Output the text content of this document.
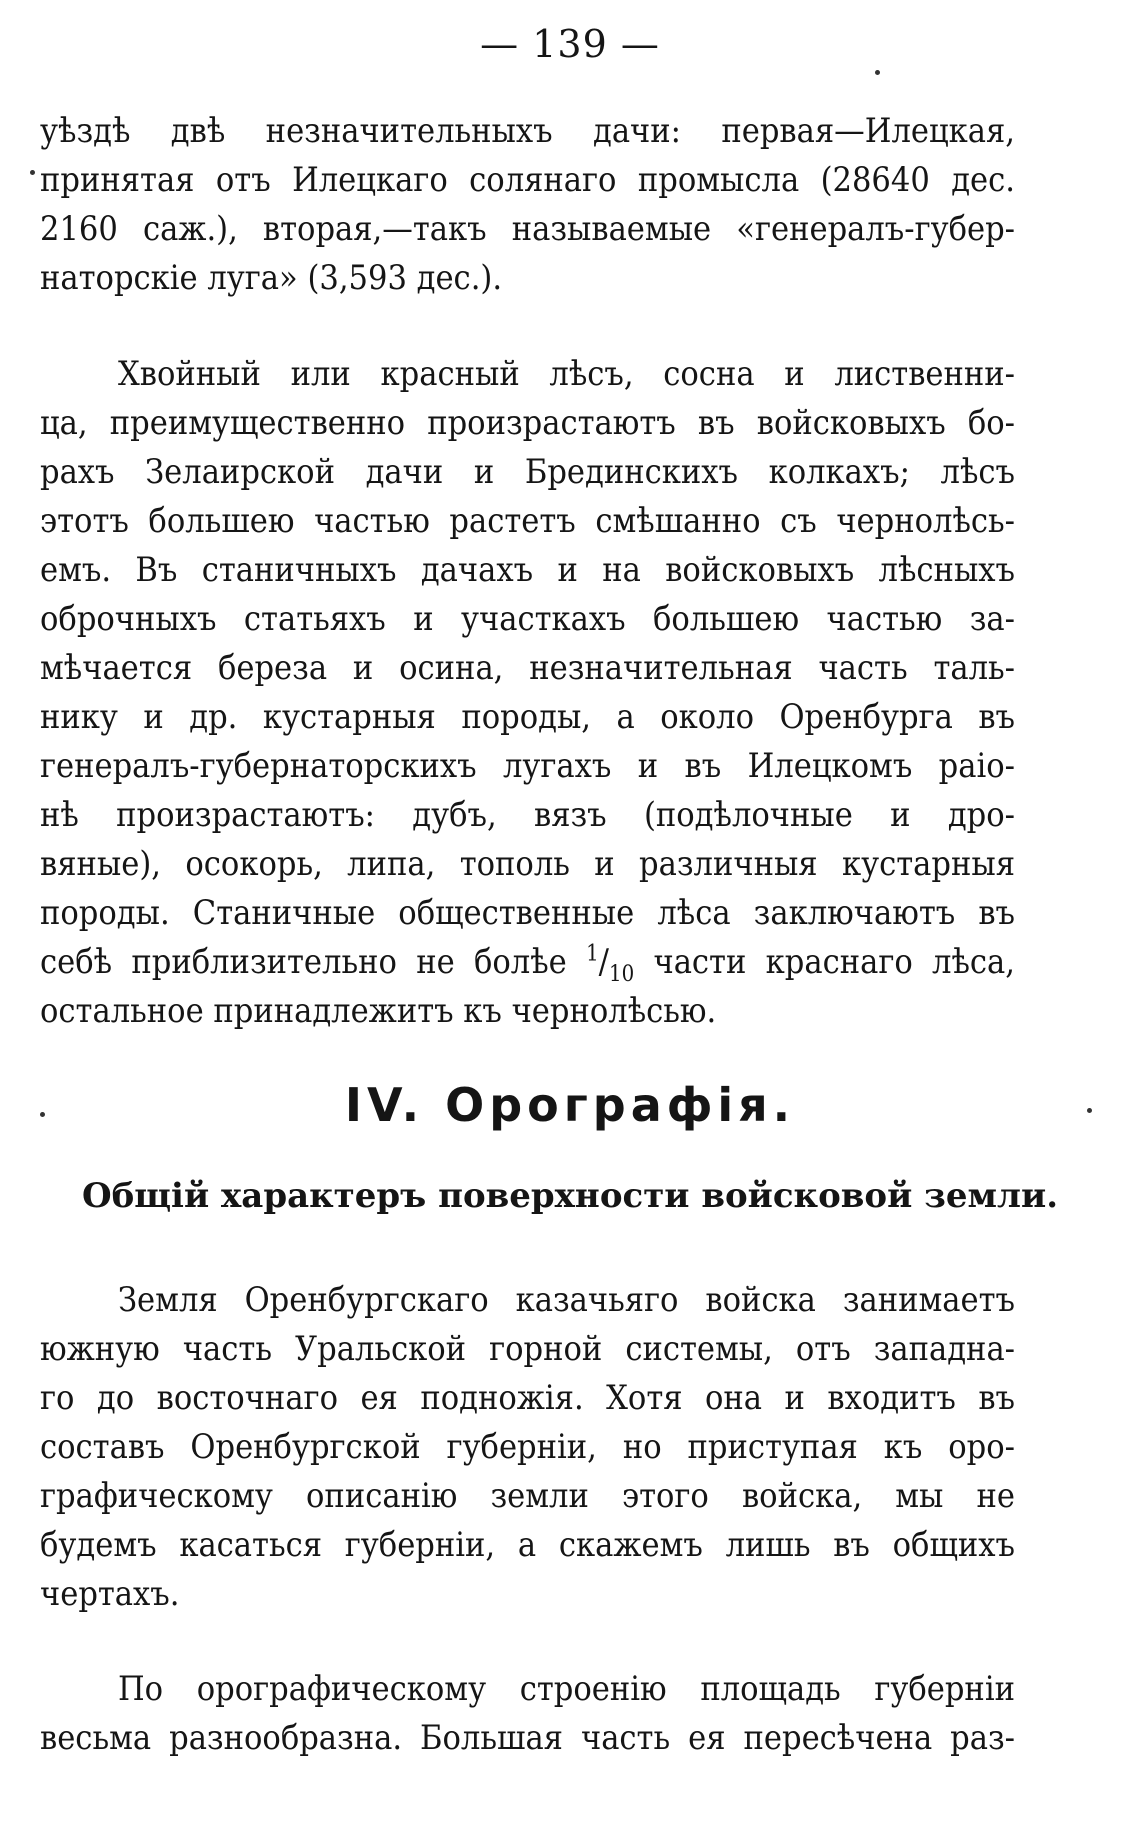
— 139 —
уѣздѣ двѣ незначительныхъ дачи: первая—Илецкая,
принятая отъ Илецкаго солянаго промысла (28640 дес.
2160 саж.), вторая,—такъ называемые «генералъ-губер-
наторскіе луга» (3,593 дес.).
Хвойный или красный лѣсъ, сосна и лиственни-
ца, преимущественно произрастаютъ въ войсковыхъ бо-
рахъ Зелаирской дачи и Брединскихъ колкахъ; лѣсъ
этотъ большею частью растетъ смѣшанно съ чернолѣсь-
емъ. Въ станичныхъ дачахъ и на войсковыхъ лѣсныхъ
оброчныхъ статьяхъ и участкахъ большею частью за-
мѣчается береза и осина, незначительная часть таль-
нику и др. кустарныя породы, а около Оренбурга въ
генералъ-губернаторскихъ лугахъ и въ Илецкомъ раіо-
нѣ произрастаютъ: дубъ, вязъ (подѣлочные и дро-
вяные), осокорь, липа, тополь и различныя кустарныя
породы. Станичные общественные лѣса заключаютъ въ
себѣ приблизительно не болѣе $^1/_{10}$ части краснаго лѣса,
остальное принадлежитъ къ чернолѣсью.
IV. Орографія.
Общій характеръ поверхности войсковой земли.
Земля Оренбургскаго казачьяго войска занимаетъ
южную часть Уральской горной системы, отъ западна-
го до восточнаго ея подножія. Хотя она и входитъ въ
составъ Оренбургской губерніи, но приступая къ оро-
графическому описанію земли этого войска, мы не
будемъ касаться губерніи, а скажемъ лишь въ общихъ
чертахъ.
По орографическому строенію площадь губерніи
весьма разнообразна. Большая часть ея пересѣчена раз-
